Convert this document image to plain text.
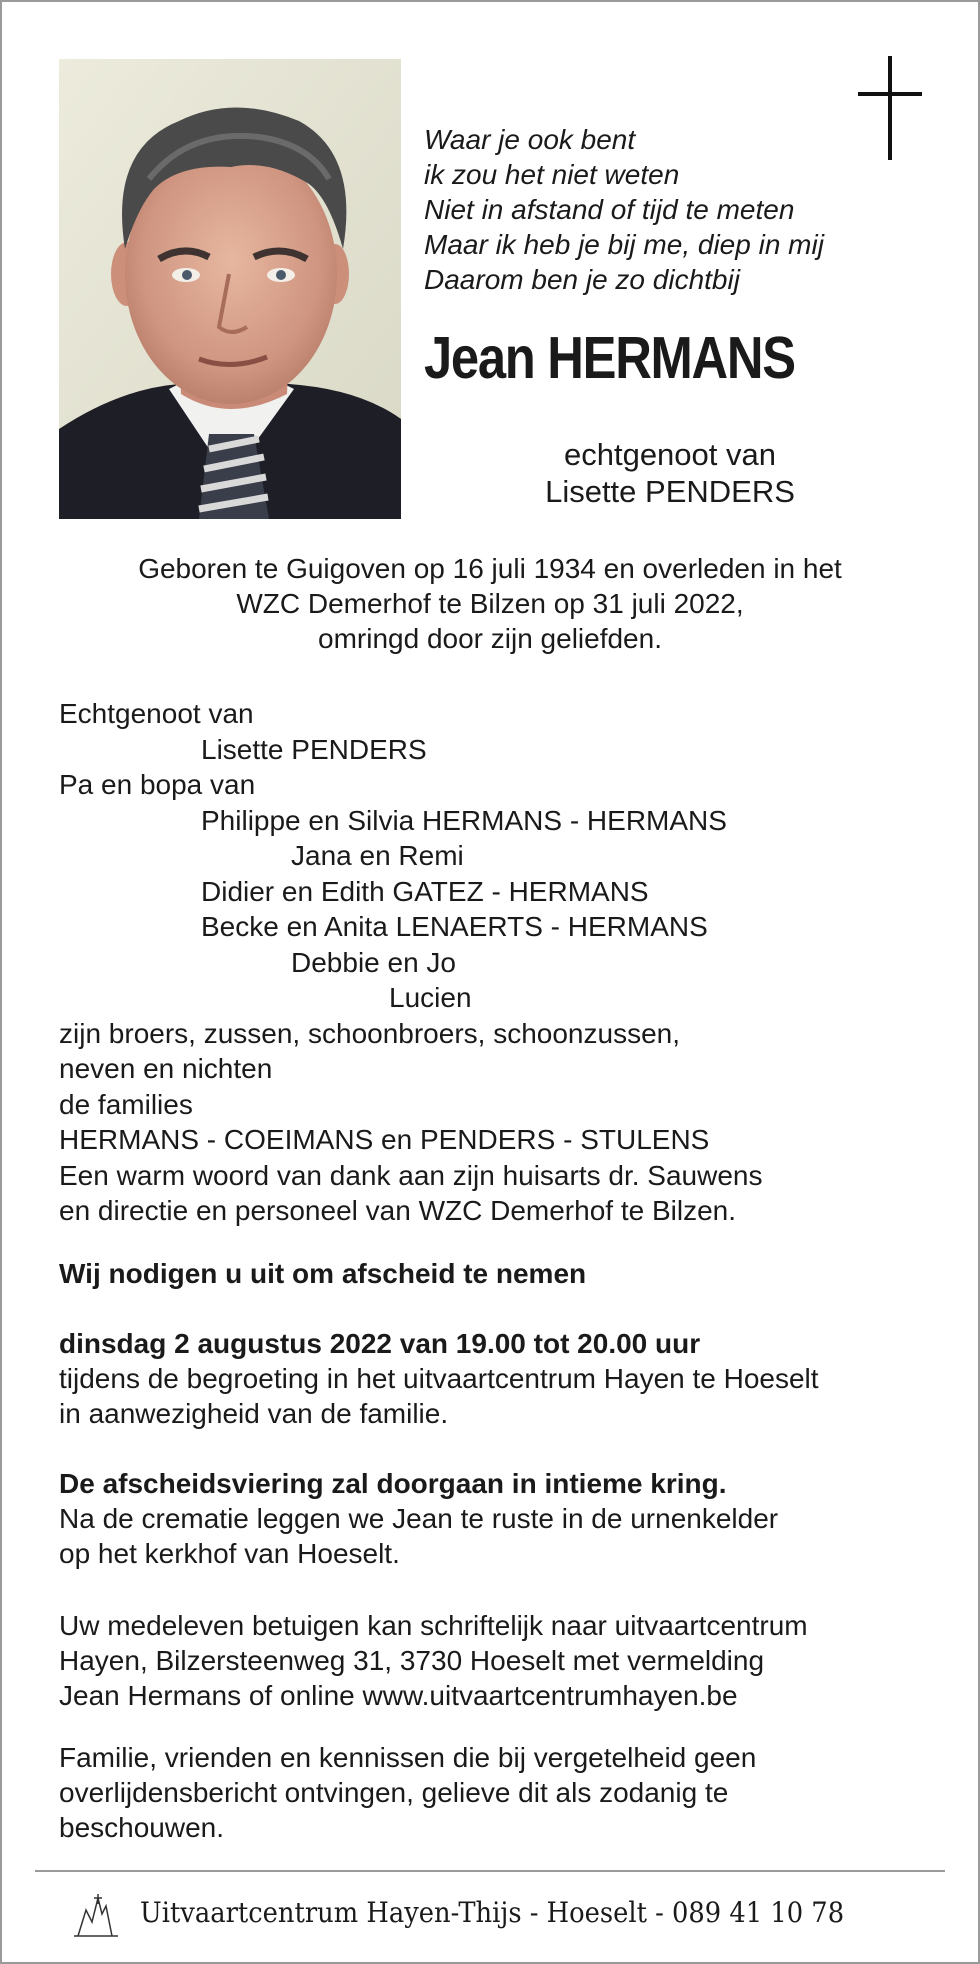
Waar je ook bent
ik zou het niet weten
Niet in afstand of tijd te meten
Maar ik heb je bij me, diep in mij
Daarom ben je zo dichtbij
Jean HERMANS
echtgenoot van
Lisette PENDERS
Geboren te Guigoven op 16 juli 1934 en overleden in het
WZC Demerhof te Bilzen op 31 juli 2022,
omringd door zijn geliefden.
Echtgenoot van
Lisette PENDERS
Pa en bopa van
Philippe en Silvia HERMANS - HERMANS
Jana en Remi
Didier en Edith GATEZ - HERMANS
Becke en Anita LENAERTS - HERMANS
Debbie en Jo
Lucien
zijn broers, zussen, schoonbroers, schoonzussen,
neven en nichten
de families
HERMANS - COEIMANS en PENDERS - STULENS
Een warm woord van dank aan zijn huisarts dr. Sauwens
en directie en personeel van WZC Demerhof te Bilzen.
Wij nodigen u uit om afscheid te nemen
dinsdag 2 augustus 2022 van 19.00 tot 20.00 uur
tijdens de begroeting in het uitvaartcentrum Hayen te Hoeselt
in aanwezigheid van de familie.
De afscheidsviering zal doorgaan in intieme kring.
Na de crematie leggen we Jean te ruste in de urnenkelder
op het kerkhof van Hoeselt.
Uw medeleven betuigen kan schriftelijk naar uitvaartcentrum
Hayen, Bilzersteenweg 31, 3730 Hoeselt met vermelding
Jean Hermans of online www.uitvaartcentrumhayen.be
Familie, vrienden en kennissen die bij vergetelheid geen
overlijdensbericht ontvingen, gelieve dit als zodanig te
beschouwen.
Uitvaartcentrum Hayen-Thijs - Hoeselt - 089 41 10 78
